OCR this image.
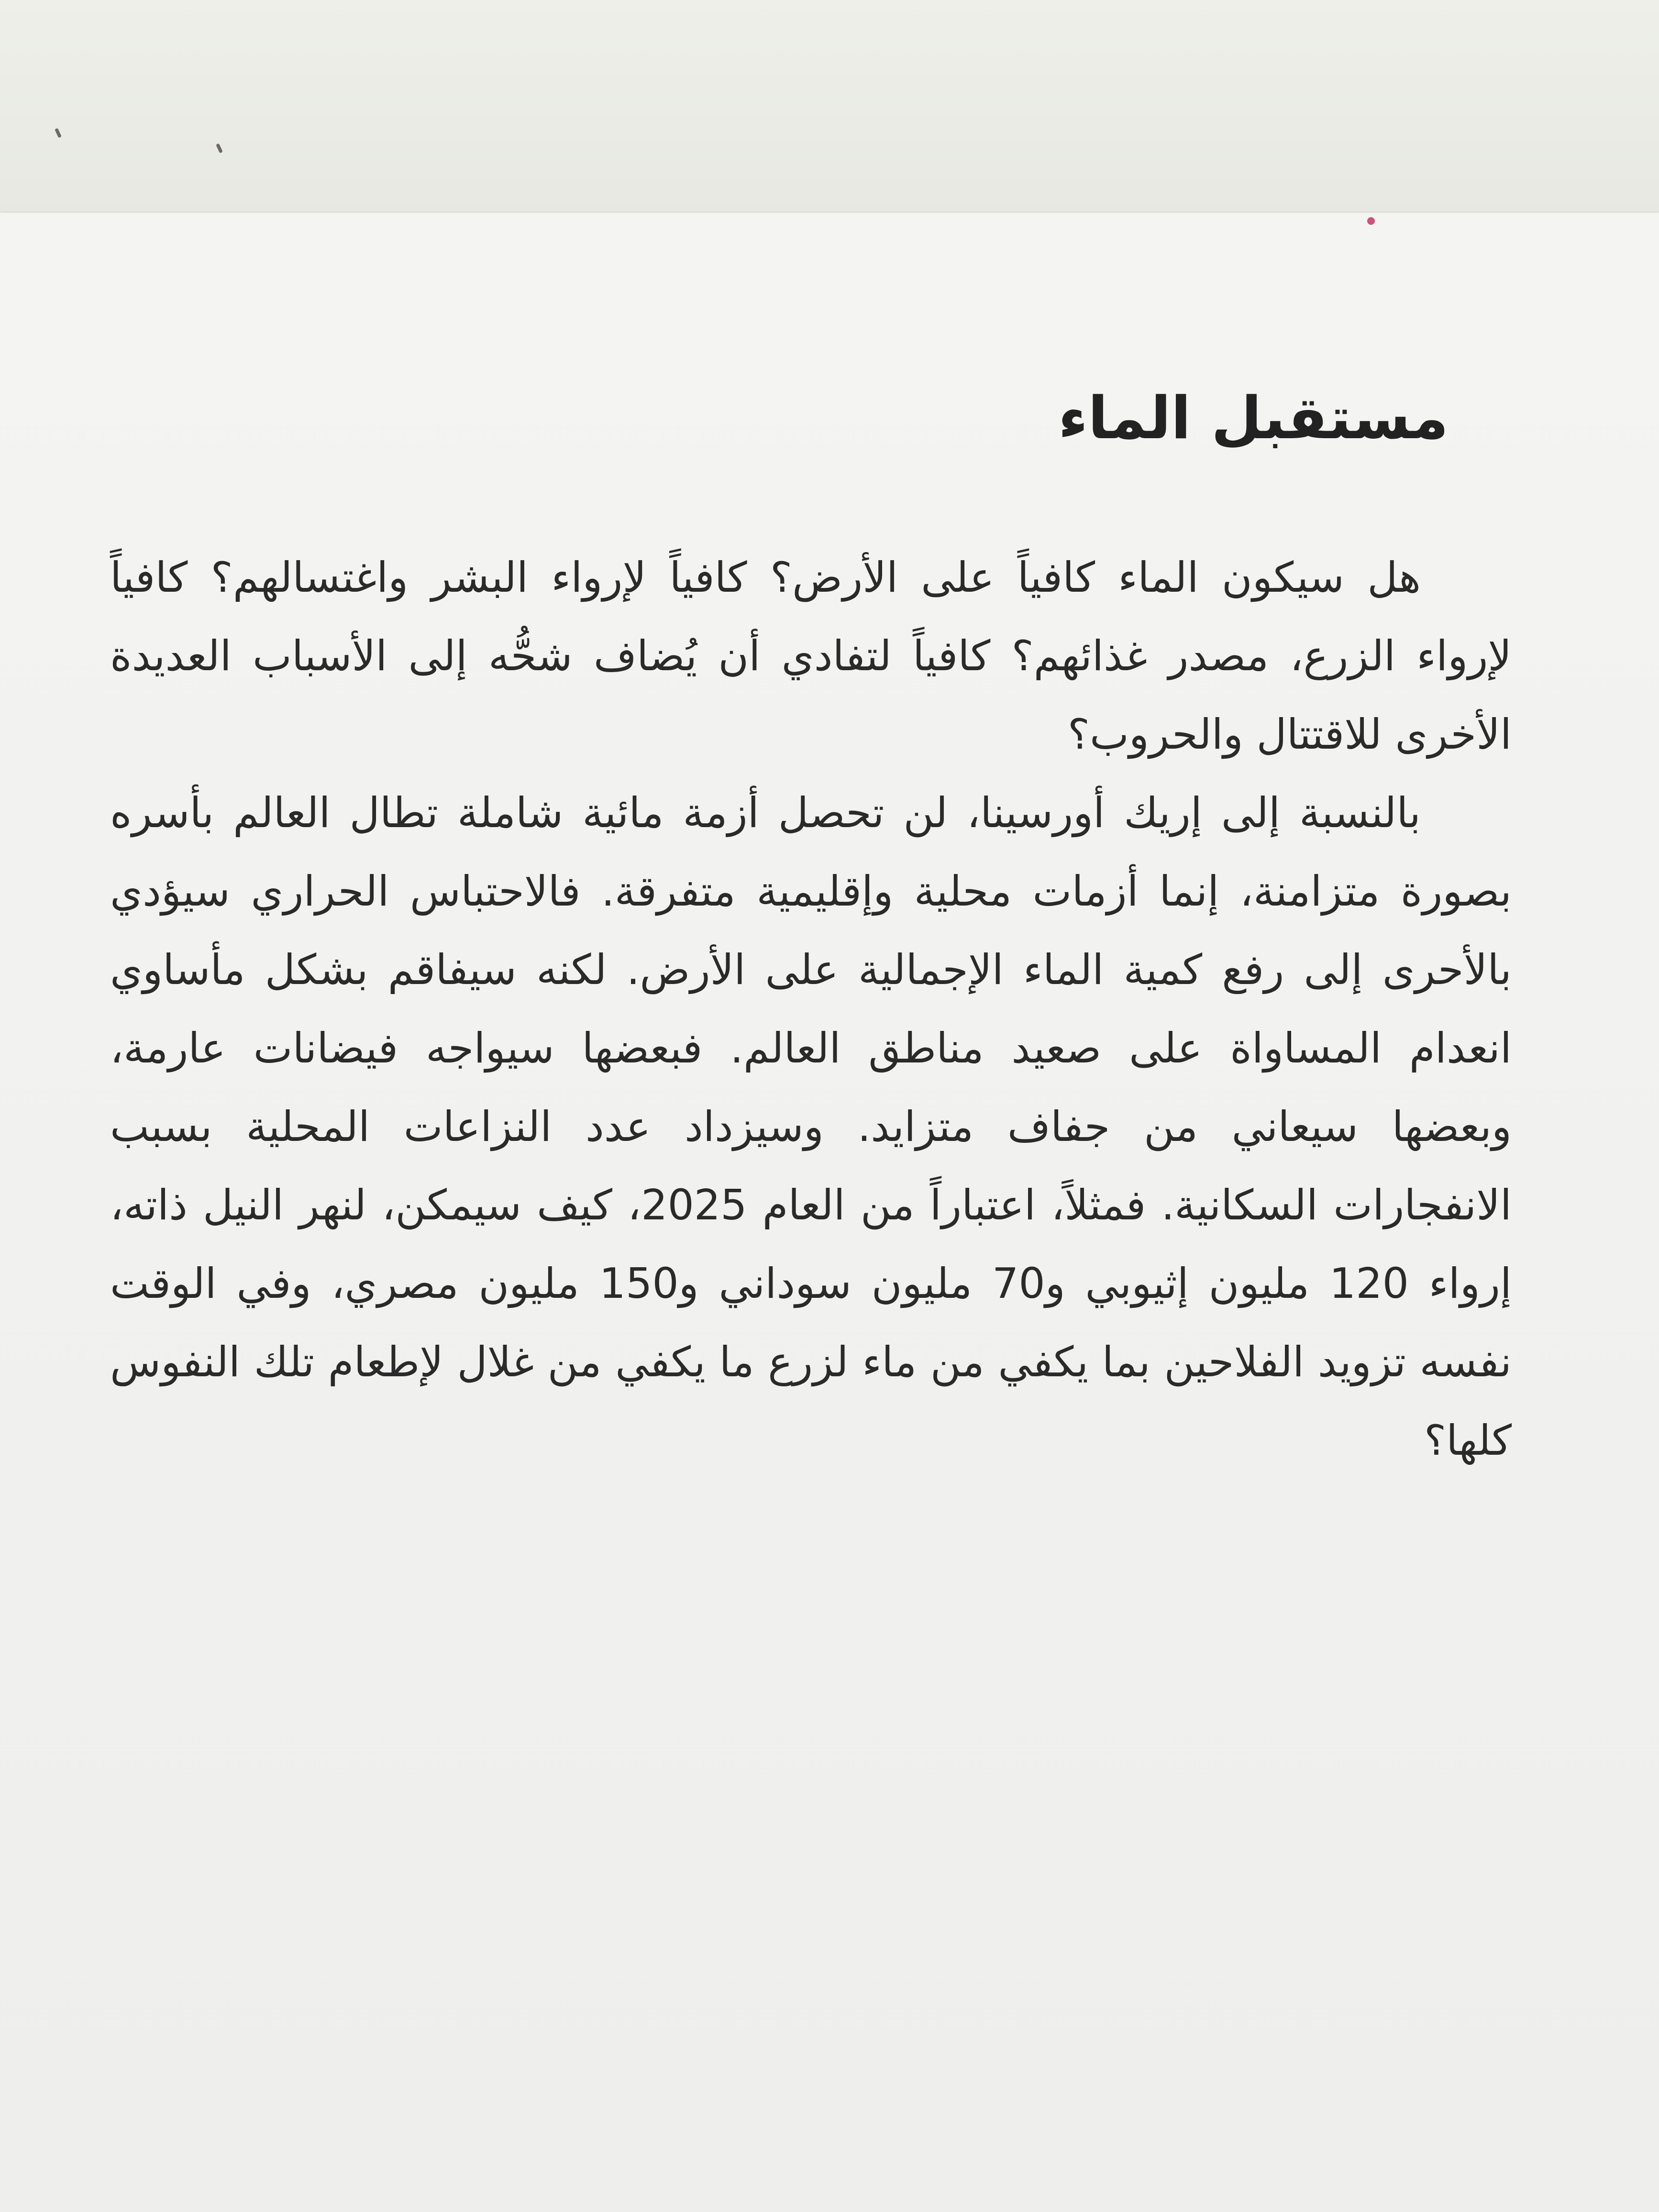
مستقبل الماء

هل سيكون الماء كافياً على الأرض؟ كافياً لإرواء البشر واغتسالهم؟ كافياً لإرواء الزرع، مصدر غذائهم؟ كافياً لتفادي أن يُضاف شحُّه إلى الأسباب العديدة الأخرى للاقتتال والحروب؟

بالنسبة إلى إريك أورسينا، لن تحصل أزمة مائية شاملة تطال العالم بأسره بصورة متزامنة، إنما أزمات محلية وإقليمية متفرقة. فالاحتباس الحراري سيؤدي بالأحرى إلى رفع كمية الماء الإجمالية على الأرض. لكنه سيفاقم بشكل مأساوي انعدام المساواة على صعيد مناطق العالم. فبعضها سيواجه فيضانات عارمة، وبعضها سيعاني من جفاف متزايد. وسيزداد عدد النزاعات المحلية بسبب الانفجارات السكانية. فمثلاً، اعتباراً من العام 2025، كيف سيمكن، لنهر النيل ذاته، إرواء 120 مليون إثيوبي و70 مليون سوداني و150 مليون مصري، وفي الوقت نفسه تزويد الفلاحين بما يكفي من ماء لزرع ما يكفي من غلال لإطعام تلك النفوس كلها؟
